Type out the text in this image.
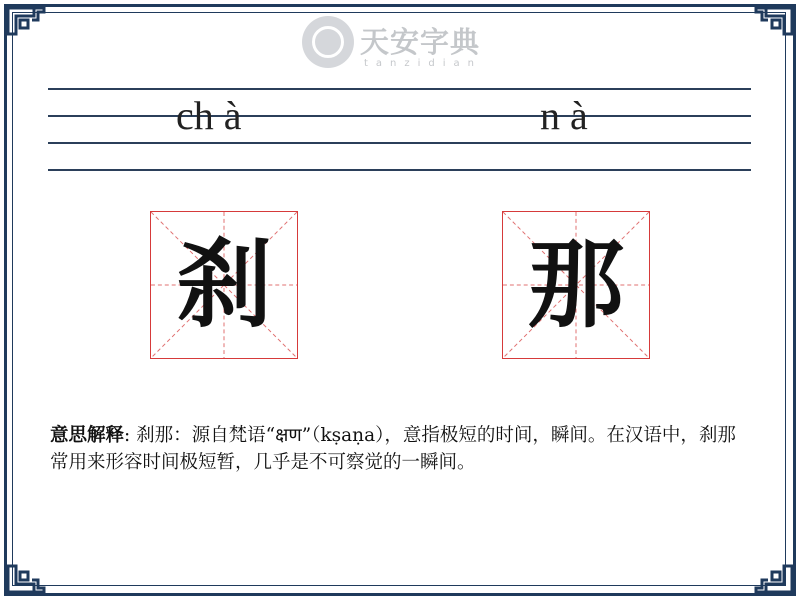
天安字典
tanzidian
ch à	n à
刹	那
意思解释: 刹那：源自梵语“क्षण”（kṣaṇa），意指极短的时间，瞬间。在汉语中，刹那常用来形容时间极短暂，几乎是不可察觉的一瞬间。
